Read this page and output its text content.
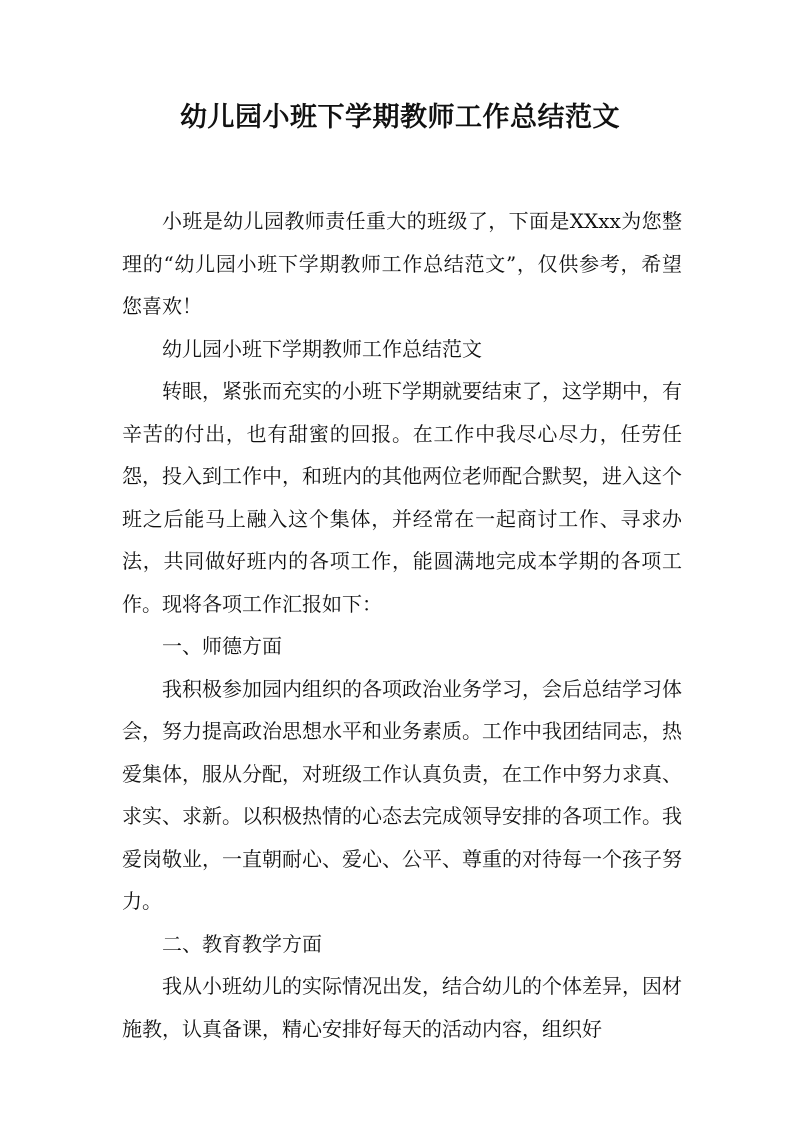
幼儿园小班下学期教师工作总结范文

小班是幼儿园教师责任重大的班级了，下面是XXxx为您整理的“幼儿园小班下学期教师工作总结范文”，仅供参考，希望您喜欢！

幼儿园小班下学期教师工作总结范文

转眼，紧张而充实的小班下学期就要结束了，这学期中，有辛苦的付出，也有甜蜜的回报。在工作中我尽心尽力，任劳任怨，投入到工作中，和班内的其他两位老师配合默契，进入这个班之后能马上融入这个集体，并经常在一起商讨工作、寻求办法，共同做好班内的各项工作，能圆满地完成本学期的各项工作。现将各项工作汇报如下：

一、师德方面

我积极参加园内组织的各项政治业务学习，会后总结学习体会，努力提高政治思想水平和业务素质。工作中我团结同志，热爱集体，服从分配，对班级工作认真负责，在工作中努力求真、求实、求新。以积极热情的心态去完成领导安排的各项工作。我爱岗敬业，一直朝耐心、爱心、公平、尊重的对待每一个孩子努力。

二、教育教学方面

我从小班幼儿的实际情况出发，结合幼儿的个体差异，因材施教，认真备课，精心安排好每天的活动内容，组织好
